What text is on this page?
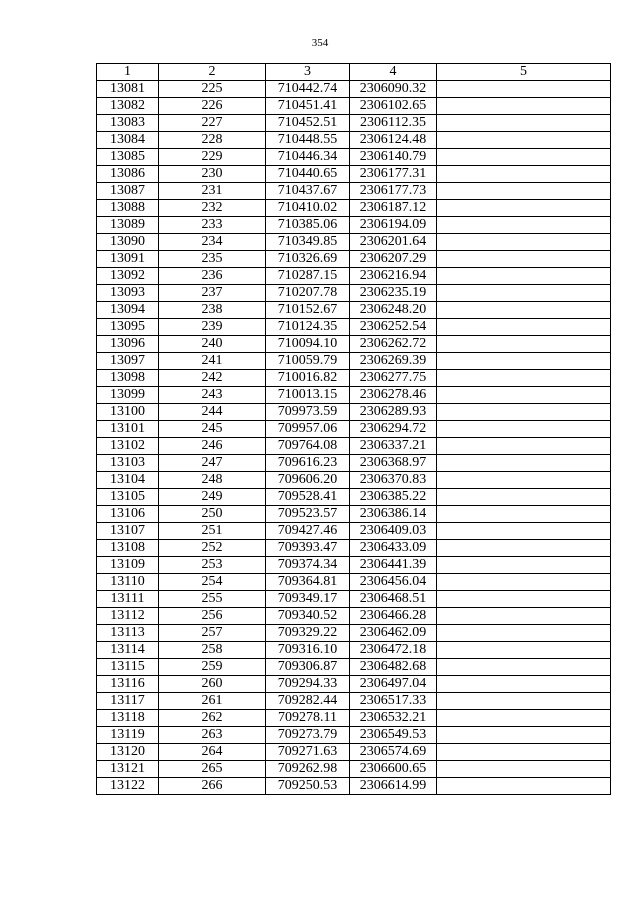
354
1	2	3	4	5
13081	225	710442.74	2306090.32	
13082	226	710451.41	2306102.65	
13083	227	710452.51	2306112.35	
13084	228	710448.55	2306124.48	
13085	229	710446.34	2306140.79	
13086	230	710440.65	2306177.31	
13087	231	710437.67	2306177.73	
13088	232	710410.02	2306187.12	
13089	233	710385.06	2306194.09	
13090	234	710349.85	2306201.64	
13091	235	710326.69	2306207.29	
13092	236	710287.15	2306216.94	
13093	237	710207.78	2306235.19	
13094	238	710152.67	2306248.20	
13095	239	710124.35	2306252.54	
13096	240	710094.10	2306262.72	
13097	241	710059.79	2306269.39	
13098	242	710016.82	2306277.75	
13099	243	710013.15	2306278.46	
13100	244	709973.59	2306289.93	
13101	245	709957.06	2306294.72	
13102	246	709764.08	2306337.21	
13103	247	709616.23	2306368.97	
13104	248	709606.20	2306370.83	
13105	249	709528.41	2306385.22	
13106	250	709523.57	2306386.14	
13107	251	709427.46	2306409.03	
13108	252	709393.47	2306433.09	
13109	253	709374.34	2306441.39	
13110	254	709364.81	2306456.04	
13111	255	709349.17	2306468.51	
13112	256	709340.52	2306466.28	
13113	257	709329.22	2306462.09	
13114	258	709316.10	2306472.18	
13115	259	709306.87	2306482.68	
13116	260	709294.33	2306497.04	
13117	261	709282.44	2306517.33	
13118	262	709278.11	2306532.21	
13119	263	709273.79	2306549.53	
13120	264	709271.63	2306574.69	
13121	265	709262.98	2306600.65	
13122	266	709250.53	2306614.99	
